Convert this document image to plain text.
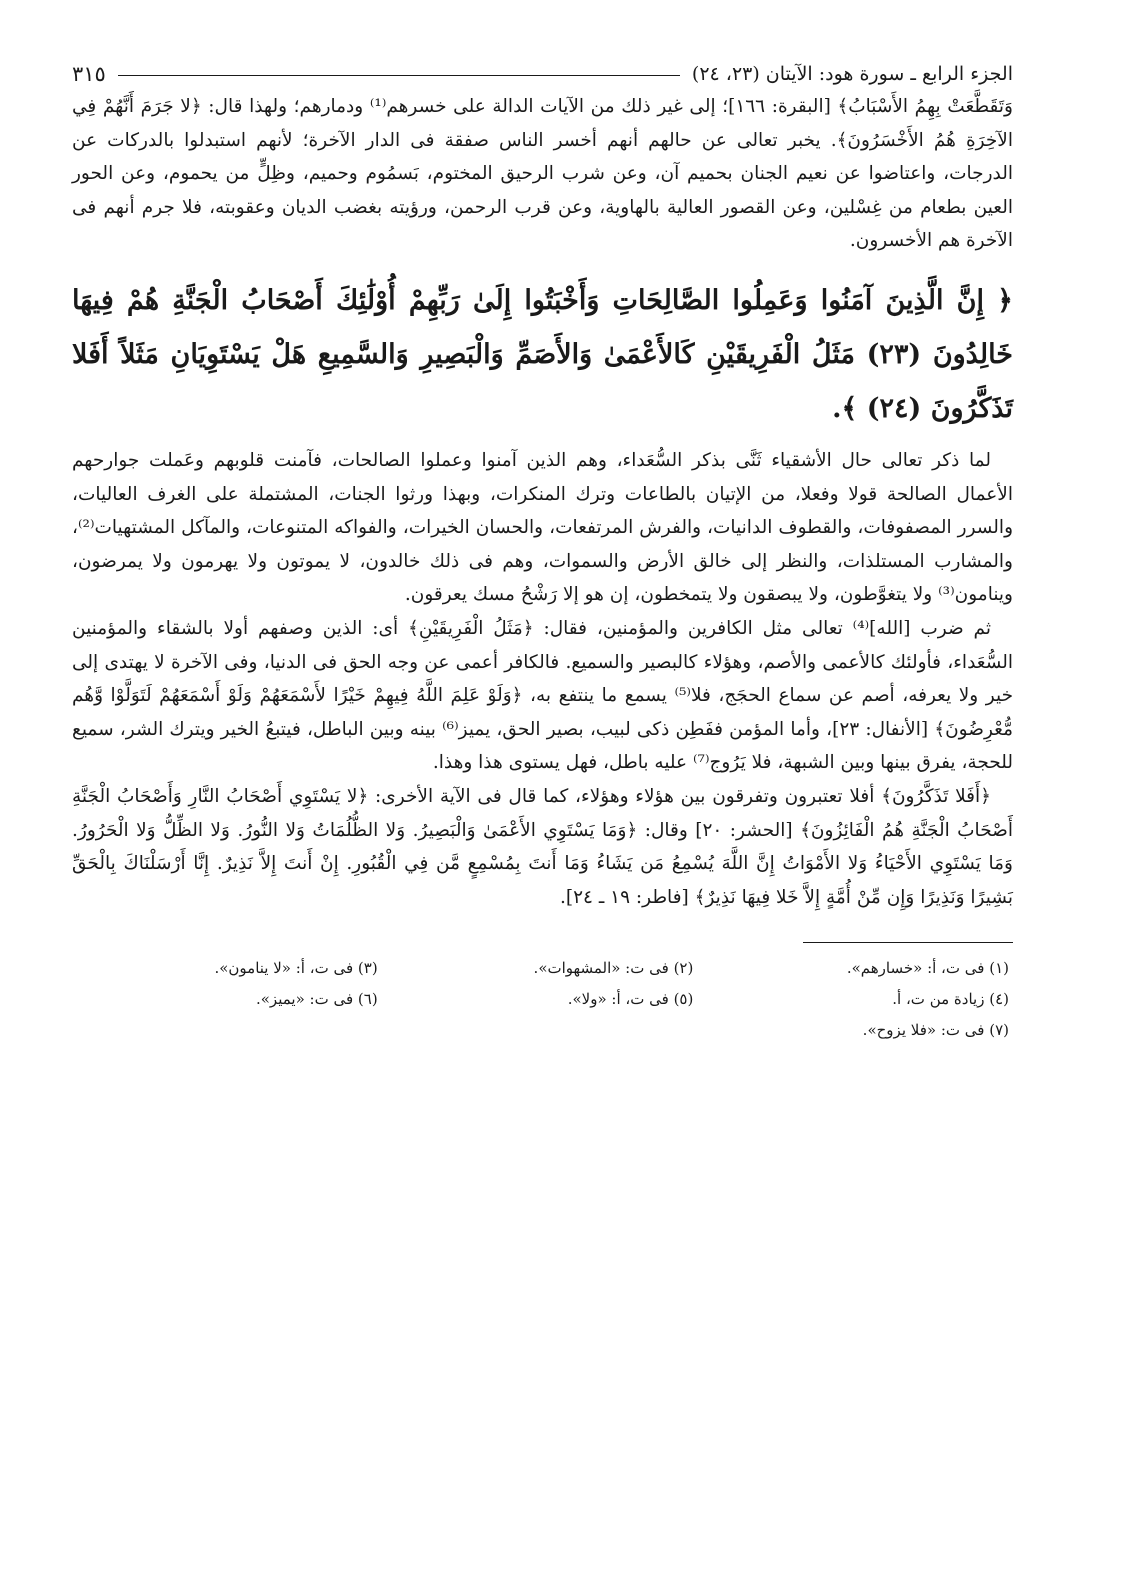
الجزء الرابع ـ سورة هود: الآيتان (٢٣، ٢٤)
٣١٥

وَتَقَطَّعَتْ بِهِمُ الأَسْبَابُ﴾ [البقرة: ١٦٦]؛ إلى غير ذلك من الآيات الدالة على خسرهم⁽¹⁾ ودمارهم؛ ولهذا قال: ﴿لا جَرَمَ أَنَّهُمْ فِي الآخِرَةِ هُمُ الأَخْسَرُونَ﴾. يخبر تعالى عن حالهم أنهم أخسر الناس صفقة فى الدار الآخرة؛ لأنهم استبدلوا بالدركات عن الدرجات، واعتاضوا عن نعيم الجنان بحميم آن، وعن شرب الرحيق المختوم، بَسمُوم وحميم، وظِلٍّ من يحموم، وعن الحور العين بطعام من غِسْلين، وعن القصور العالية بالهاوية، وعن قرب الرحمن، ورؤيته بغضب الديان وعقوبته، فلا جرم أنهم فى الآخرة هم الأخسرون.

﴿ إِنَّ الَّذِينَ آمَنُوا وَعَمِلُوا الصَّالِحَاتِ وَأَخْبَتُوا إِلَىٰ رَبِّهِمْ أُوْلَٰئِكَ أَصْحَابُ الْجَنَّةِ هُمْ فِيهَا خَالِدُونَ (٢٣) مَثَلُ الْفَرِيقَيْنِ كَالأَعْمَىٰ وَالأَصَمِّ وَالْبَصِيرِ وَالسَّمِيعِ هَلْ يَسْتَوِيَانِ مَثَلاً أَفَلا تَذَكَّرُونَ (٢٤) ﴾.

لما ذكر تعالى حال الأشقياء ثَنَّى بذكر السُّعَداء، وهم الذين آمنوا وعملوا الصالحات، فآمنت قلوبهم وعَملت جوارحهم الأعمال الصالحة قولا وفعلا، من الإتيان بالطاعات وترك المنكرات، وبهذا ورثوا الجنات، المشتملة على الغرف العاليات، والسرر المصفوفات، والقطوف الدانيات، والفرش المرتفعات، والحسان الخيرات، والفواكه المتنوعات، والمآكل المشتهيات⁽²⁾، والمشارب المستلذات، والنظر إلى خالق الأرض والسموات، وهم فى ذلك خالدون، لا يموتون ولا يهرمون ولا يمرضون، وينامون⁽³⁾ ولا يتغوَّطون، ولا يبصقون ولا يتمخطون، إن هو إلا رَشْحُ مسك يعرقون.

ثم ضرب [الله]⁽⁴⁾ تعالى مثل الكافرين والمؤمنين، فقال: ﴿مَثَلُ الْفَرِيقَيْنِ﴾ أى: الذين وصفهم أولا بالشقاء والمؤمنين السُّعَداء، فأولئك كالأعمى والأصم، وهؤلاء كالبصير والسميع. فالكافر أعمى عن وجه الحق فى الدنيا، وفى الآخرة لا يهتدى إلى خير ولا يعرفه، أصم عن سماع الحجَج، فلا⁽⁵⁾ يسمع ما ينتفع به، ﴿وَلَوْ عَلِمَ اللَّهُ فِيهِمْ خَيْرًا لأَسْمَعَهُمْ وَلَوْ أَسْمَعَهُمْ لَتَوَلَّوْا وَّهُم مُّعْرِضُونَ﴾ [الأنفال: ٢٣]، وأما المؤمن ففَطِن ذكى لبيب، بصير الحق، يميز⁽⁶⁾ بينه وبين الباطل، فيتبعُ الخير ويترك الشر، سميع للحجة، يفرق بينها وبين الشبهة، فلا يَرُوج⁽⁷⁾ عليه باطل، فهل يستوى هذا وهذا.

﴿أَفَلا تَذَكَّرُونَ﴾ أفلا تعتبرون وتفرقون بين هؤلاء وهؤلاء، كما قال فى الآية الأخرى: ﴿لا يَسْتَوِي أَصْحَابُ النَّارِ وَأَصْحَابُ الْجَنَّةِ أَصْحَابُ الْجَنَّةِ هُمُ الْفَائِزُونَ﴾ [الحشر: ٢٠] وقال: ﴿وَمَا يَسْتَوِي الأَعْمَىٰ وَالْبَصِيرُ. وَلا الظُّلُمَاتُ وَلا النُّورُ. وَلا الظِّلُّ وَلا الْحَرُورُ. وَمَا يَسْتَوِي الأَحْيَاءُ وَلا الأَمْوَاتُ إِنَّ اللَّهَ يُسْمِعُ مَن يَشَاءُ وَمَا أَنتَ بِمُسْمِعٍ مَّن فِي الْقُبُورِ. إِنْ أَنتَ إِلاَّ نَذِيرٌ. إِنَّا أَرْسَلْنَاكَ بِالْحَقِّ بَشِيرًا وَنَذِيرًا وَإِن مِّنْ أُمَّةٍ إِلاَّ خَلا فِيهَا نَذِيرٌ﴾ [فاطر: ١٩ ـ ٢٤].

(١) فى ت، أ: «خسارهم».
(٢) فى ت: «المشهوات».
(٣) فى ت، أ: «لا ينامون».
(٤) زيادة من ت، أ.
(٥) فى ت، أ: «ولا».
(٦) فى ت: «يميز».
(٧) فى ت: «فلا يزوح».
